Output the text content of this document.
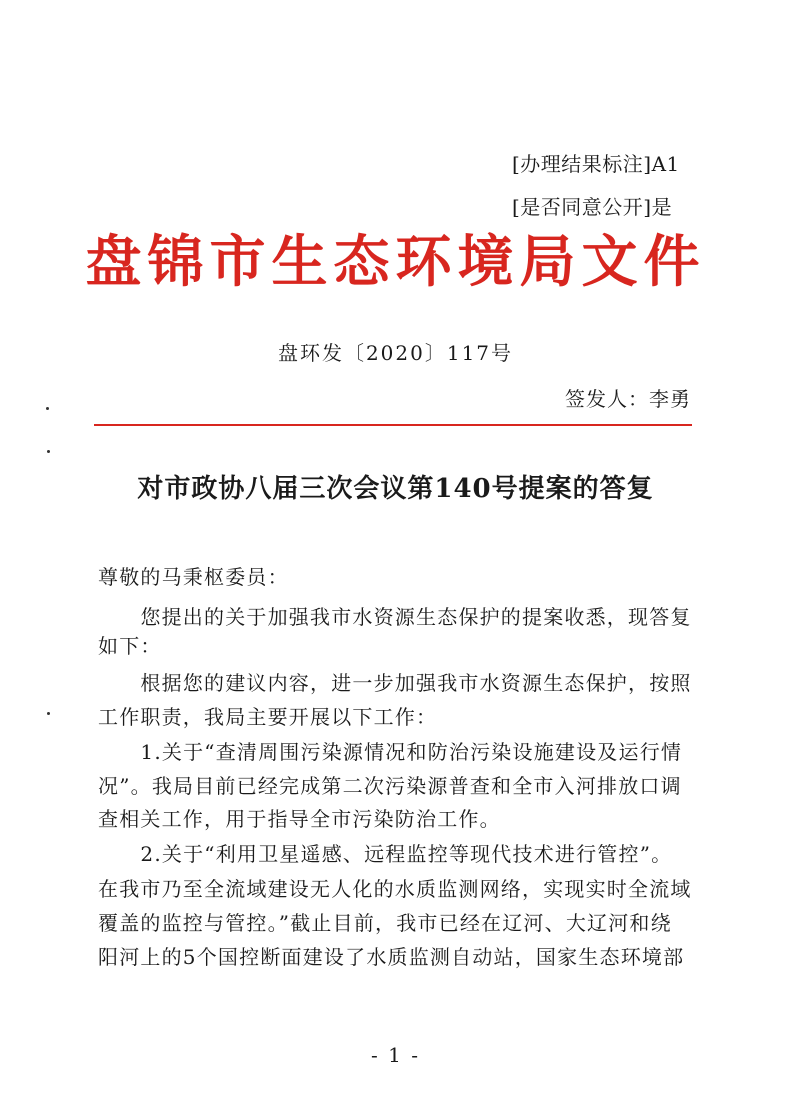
[办理结果标注]A1
[是否同意公开]是
盘锦市生态环境局文件
盘环发〔2020〕117号
签发人：李勇
对市政协八届三次会议第140号提案的答复
尊敬的马秉枢委员：
　　您提出的关于加强我市水资源生态保护的提案收悉，现答复
如下：
　　根据您的建议内容，进一步加强我市水资源生态保护，按照
工作职责，我局主要开展以下工作：
　　1.关于“查清周围污染源情况和防治污染设施建设及运行情
况”。我局目前已经完成第二次污染源普查和全市入河排放口调
查相关工作，用于指导全市污染防治工作。
　　2.关于“利用卫星遥感、远程监控等现代技术进行管控”。
在我市乃至全流域建设无人化的水质监测网络，实现实时全流域
覆盖的监控与管控。”截止目前，我市已经在辽河、大辽河和绕
阳河上的5个国控断面建设了水质监测自动站，国家生态环境部
- 1 -
